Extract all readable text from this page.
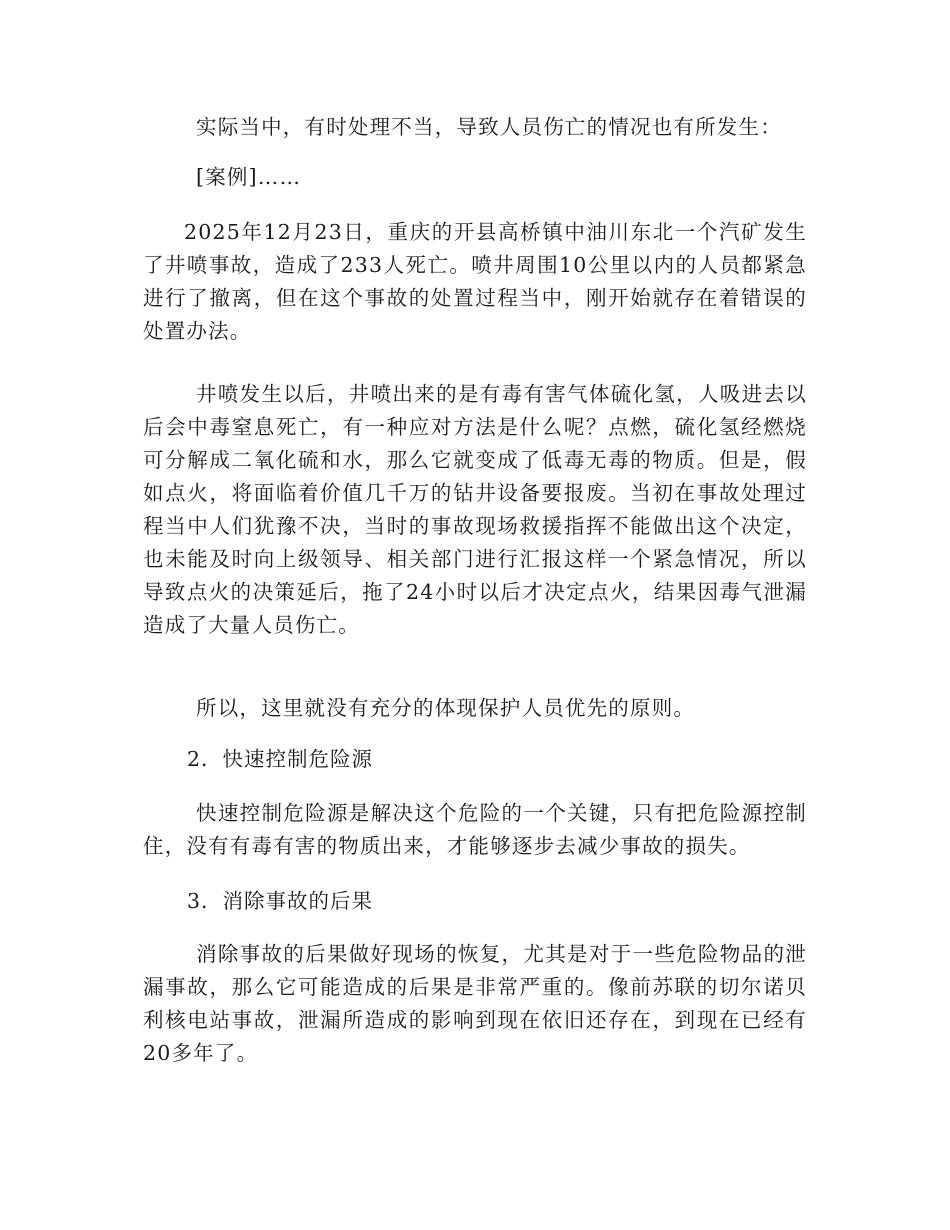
实际当中，有时处理不当，导致人员伤亡的情况也有所发生：

[案例]……

2025年12月23日，重庆的开县高桥镇中油川东北一个汽矿发生了井喷事故，造成了233人死亡。喷井周围10公里以内的人员都紧急进行了撤离，但在这个事故的处置过程当中，刚开始就存在着错误的处置办法。

井喷发生以后，井喷出来的是有毒有害气体硫化氢，人吸进去以后会中毒窒息死亡，有一种应对方法是什么呢？点燃，硫化氢经燃烧可分解成二氧化硫和水，那么它就变成了低毒无毒的物质。但是，假如点火，将面临着价值几千万的钻井设备要报废。当初在事故处理过程当中人们犹豫不决，当时的事故现场救援指挥不能做出这个决定，也未能及时向上级领导、相关部门进行汇报这样一个紧急情况，所以导致点火的决策延后，拖了24小时以后才决定点火，结果因毒气泄漏造成了大量人员伤亡。

所以，这里就没有充分的体现保护人员优先的原则。

2．快速控制危险源

快速控制危险源是解决这个危险的一个关键，只有把危险源控制住，没有有毒有害的物质出来，才能够逐步去减少事故的损失。

3．消除事故的后果

消除事故的后果做好现场的恢复，尤其是对于一些危险物品的泄漏事故，那么它可能造成的后果是非常严重的。像前苏联的切尔诺贝利核电站事故，泄漏所造成的影响到现在依旧还存在，到现在已经有20多年了。
